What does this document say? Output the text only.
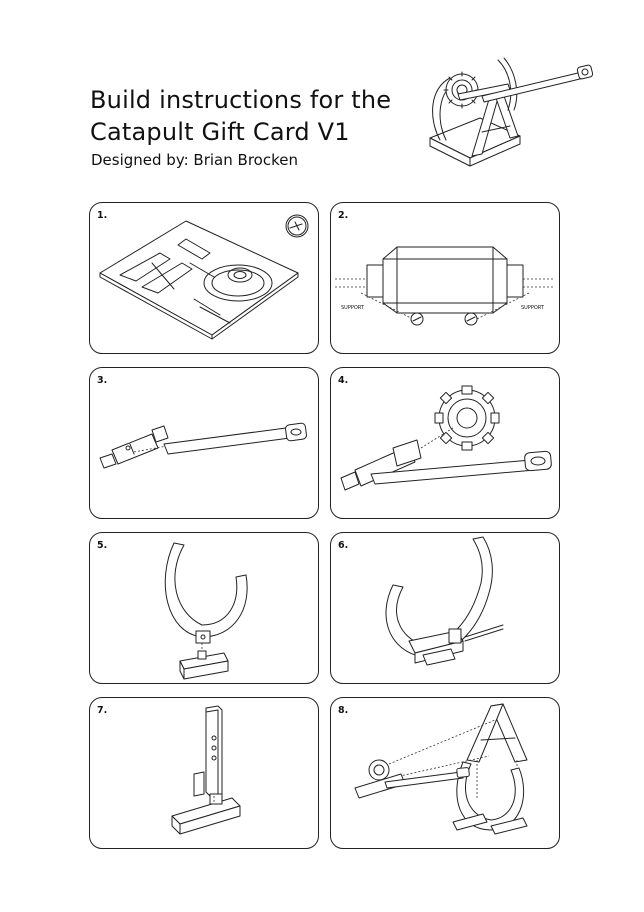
Build instructions for the
Catapult Gift Card V1
Designed by: Brian Brocken
1.	2.
SUPPORT	SUPPORT
3.	4.
5.	6.
7.	8.
